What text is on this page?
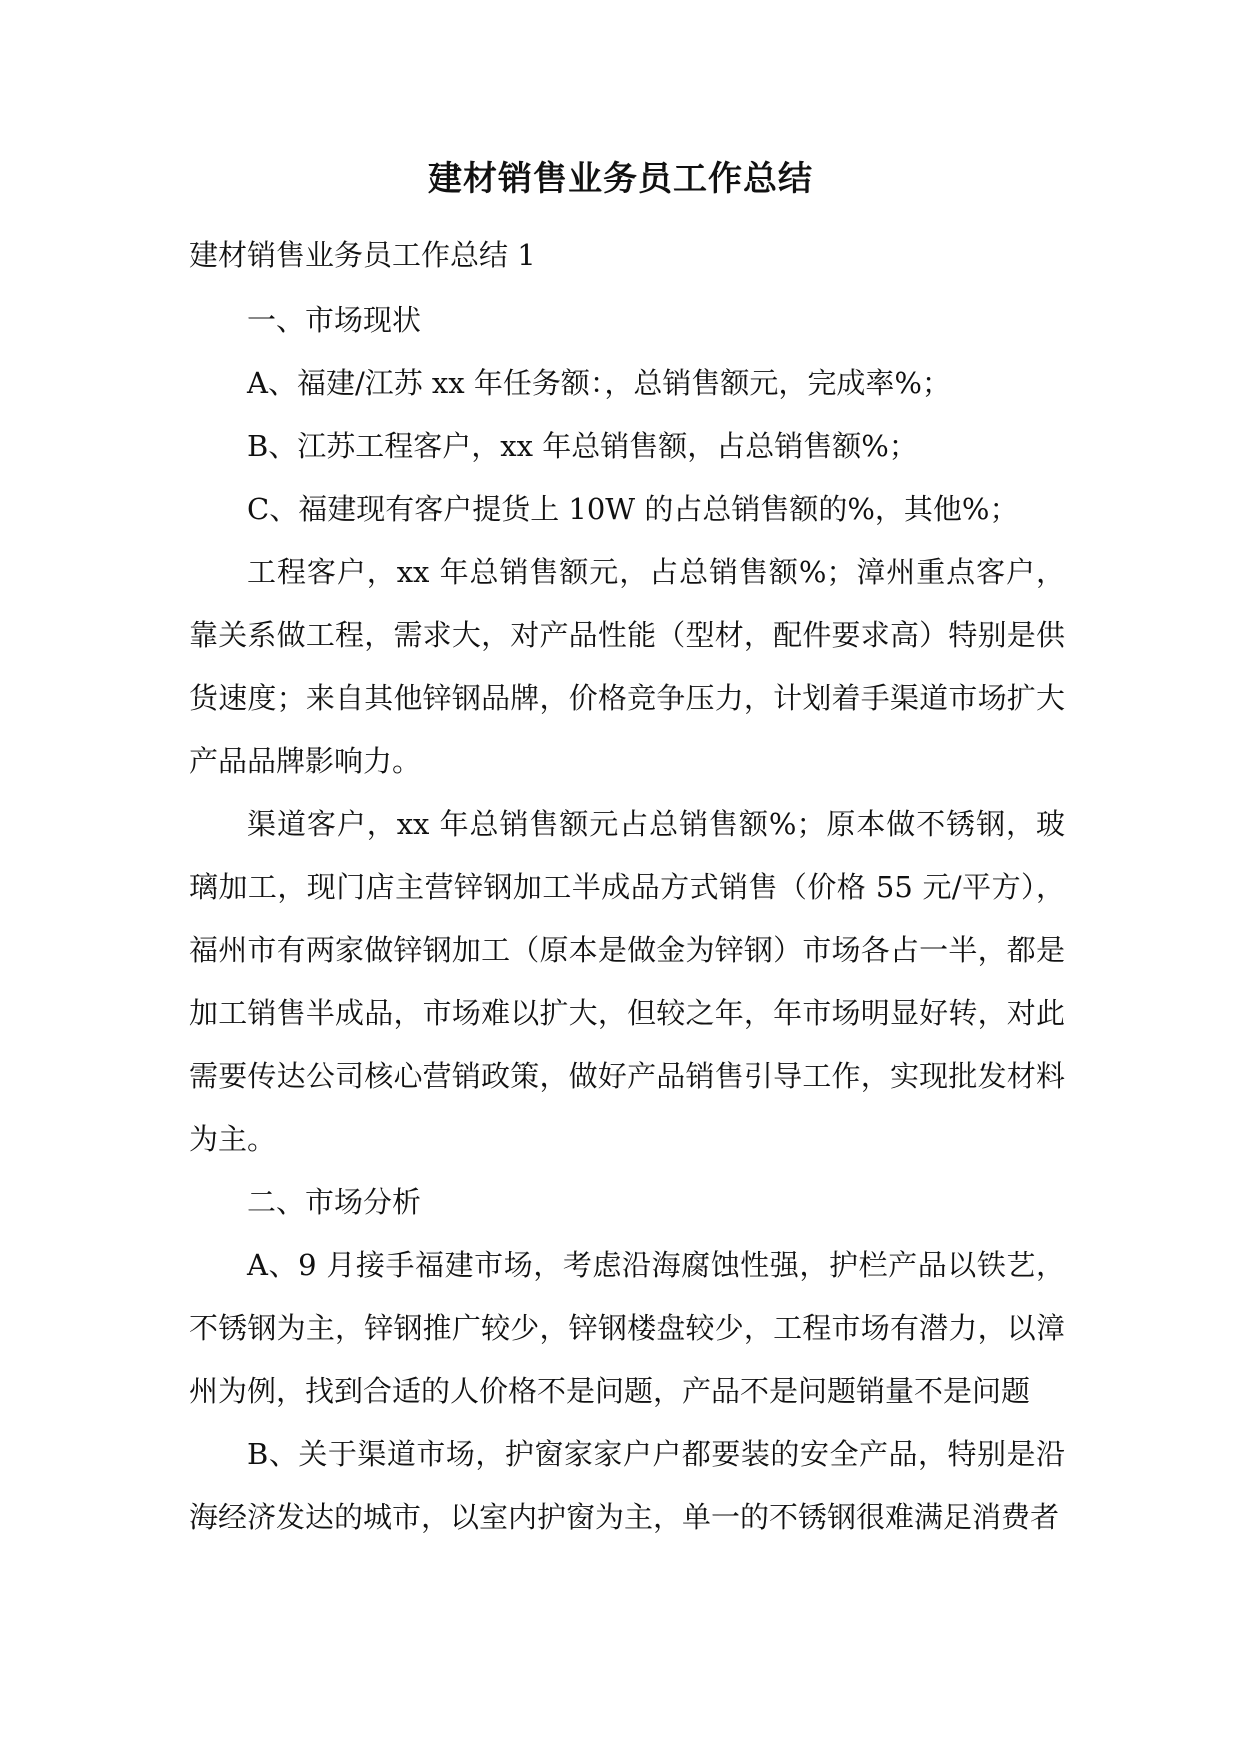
建材销售业务员工作总结

建材销售业务员工作总结 1

一、市场现状

A、福建/江苏 xx 年任务额：，总销售额元，完成率%；

B、江苏工程客户，xx 年总销售额，占总销售额%；

C、福建现有客户提货上 10W 的占总销售额的%，其他%；

工程客户，xx 年总销售额元，占总销售额%；漳州重点客户，靠关系做工程，需求大，对产品性能（型材，配件要求高）特别是供货速度；来自其他锌钢品牌，价格竞争压力，计划着手渠道市场扩大产品品牌影响力。

渠道客户，xx 年总销售额元占总销售额%；原本做不锈钢，玻璃加工，现门店主营锌钢加工半成品方式销售（价格 55 元/平方），福州市有两家做锌钢加工（原本是做金为锌钢）市场各占一半，都是加工销售半成品，市场难以扩大，但较之年，年市场明显好转，对此需要传达公司核心营销政策，做好产品销售引导工作，实现批发材料为主。

二、市场分析

A、9 月接手福建市场，考虑沿海腐蚀性强，护栏产品以铁艺，不锈钢为主，锌钢推广较少，锌钢楼盘较少，工程市场有潜力，以漳州为例，找到合适的人价格不是问题，产品不是问题销量不是问题

B、关于渠道市场，护窗家家户户都要装的安全产品，特别是沿海经济发达的城市，以室内护窗为主，单一的不锈钢很难满足消费者
